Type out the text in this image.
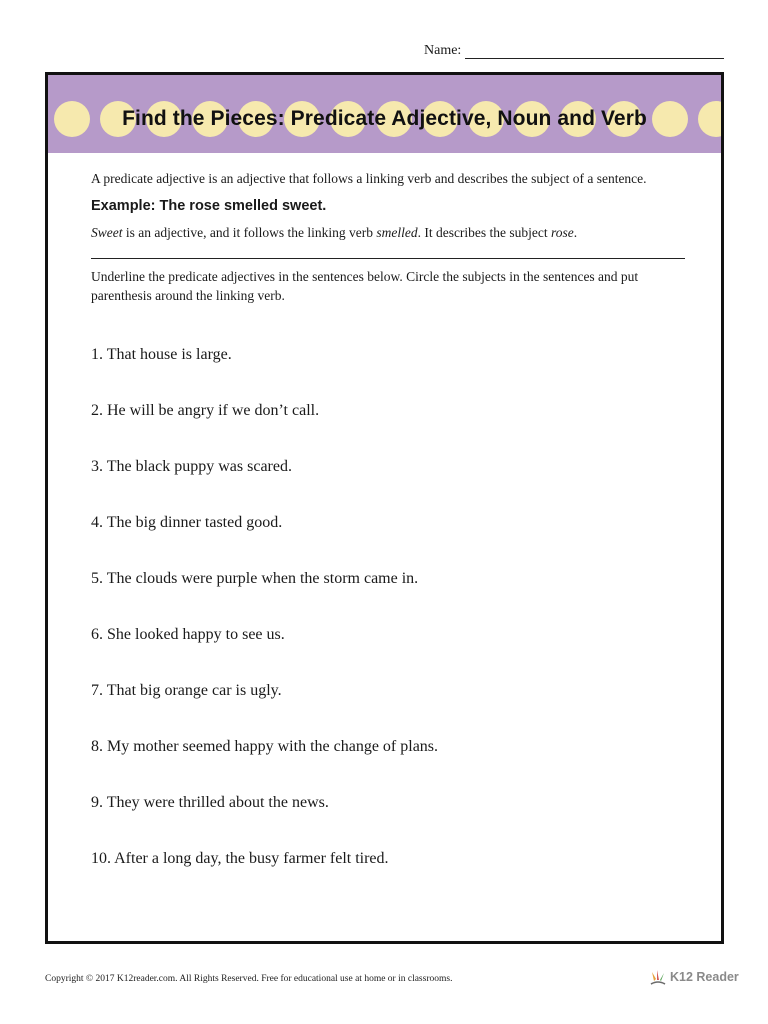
Name:
Find the Pieces: Predicate Adjective, Noun and Verb

A predicate adjective is an adjective that follows a linking verb and describes the subject of a sentence.

Example: The rose smelled sweet.

Sweet is an adjective, and it follows the linking verb smelled. It describes the subject rose.

Underline the predicate adjectives in the sentences below. Circle the subjects in the sentences and put parenthesis around the linking verb.

1. That house is large.

2. He will be angry if we don’t call.

3. The black puppy was scared.

4. The big dinner tasted good.

5. The clouds were purple when the storm came in.

6. She looked happy to see us.

7. That big orange car is ugly.

8. My mother seemed happy with the change of plans.

9. They were thrilled about the news.

10. After a long day, the busy farmer felt tired.

Copyright © 2017 K12reader.com. All Rights Reserved. Free for educational use at home or in classrooms.	K12 Reader
